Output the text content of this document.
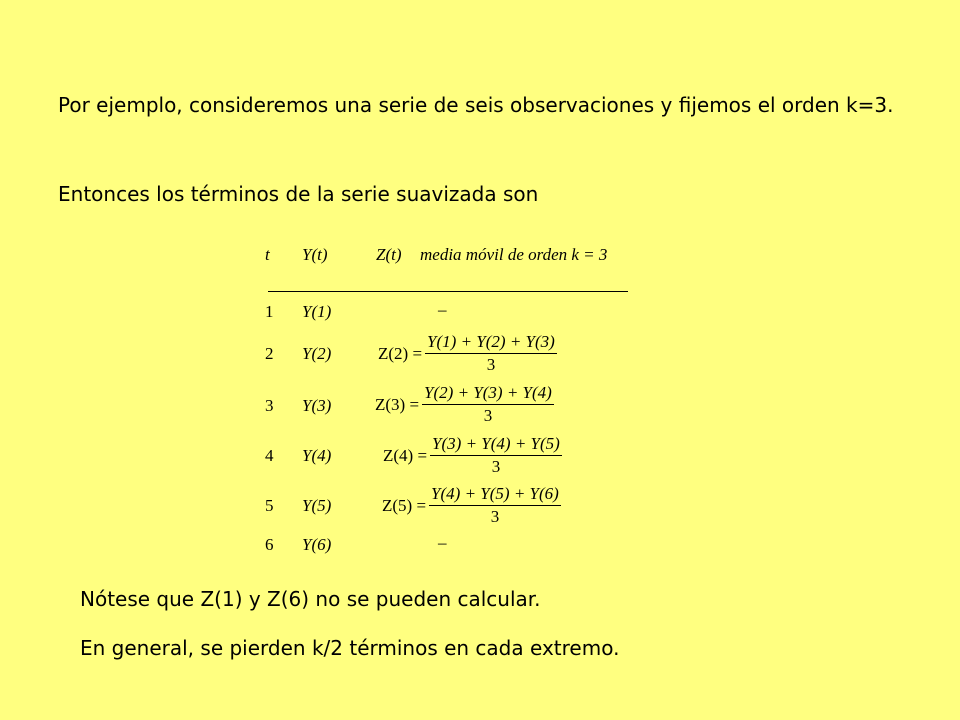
Por ejemplo, consideremos una serie de seis observaciones y fijemos el orden k=3.

Entonces los términos de la serie suavizada son

t Y(t)	Z(t) media móvil de orden k = 3
1 Y(1)	–
2 Y(2)	$Z(2) = \frac{Y(1) + Y(2) + Y(3)}{3}$
3 Y(3)	$Z(3) = \frac{Y(2) + Y(3) + Y(4)}{3}$
4 Y(4)	$Z(4) = \frac{Y(3) + Y(4) + Y(5)}{3}$
5 Y(5)	$Z(5) = \frac{Y(4) + Y(5) + Y(6)}{3}$
6 Y(6)	–

Nótese que Z(1) y Z(6) no se pueden calcular.

En general, se pierden k/2 términos en cada extremo.
